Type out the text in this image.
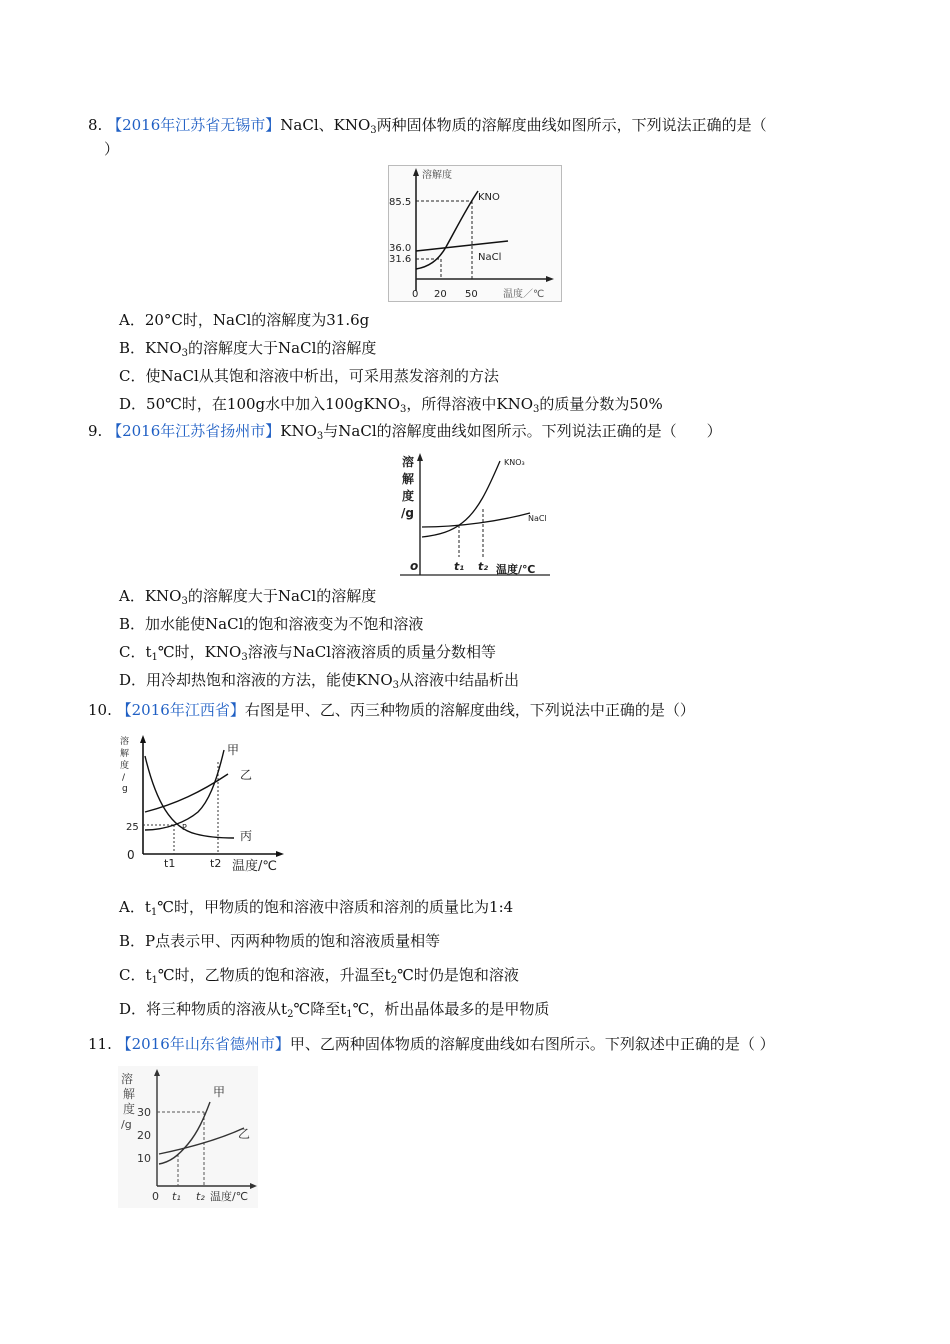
8. 【2016年江苏省无锡市】NaCl、$KNO_3$两种固体物质的溶解度曲线如图所示，下列说法正确的是（
）
溶解度
85.5
36.0
31.6
KNO
NaCl
0 20 50	温度／℃
A．20°C时，NaCl的溶解度为31.6g
B．$KNO_3$的溶解度大于NaCl的溶解度
C．使NaCl从其饱和溶液中析出，可采用蒸发溶剂的方法
D．50℃时，在100g水中加入100gKNO$_3$，所得溶液中$KNO_3$的质量分数为50%
9. 【2016年江苏省扬州市】$KNO_3$与NaCl的溶解度曲线如图所示。下列说法正确的是（　　）
溶
解
度
/g
KNO₃
NaCl
o	t₁ t₂ 温度/℃
A．$KNO_3$的溶解度大于NaCl的溶解度
B．加水能使NaCl的饱和溶液变为不饱和溶液
C．$t_1℃$时，$KNO_3$溶液与NaCl溶液溶质的质量分数相等
D．用冷却热饱和溶液的方法，能使$KNO_3$从溶液中结晶析出
10. 【2016年江西省】右图是甲、乙、丙三种物质的溶解度曲线，下列说法中正确的是（）
溶
解
度
/
g
25
0
甲
乙
丙
P
t1	t2 温度/℃
A．$t_1℃$时，甲物质的饱和溶液中溶质和溶剂的质量比为1:4
B．P点表示甲、丙两种物质的饱和溶液质量相等
C．$t_1℃$时，乙物质的饱和溶液，升温至$t_2℃$时仍是饱和溶液
D．将三种物质的溶液从$t_2℃$降至$t_1℃$，析出晶体最多的是甲物质
11. 【2016年山东省德州市】甲、乙两种固体物质的溶解度曲线如右图所示。下列叙述中正确的是（ ）
溶
解
度
/g
30
20
10
甲
乙
0 t₁ t₂ 温度/℃
